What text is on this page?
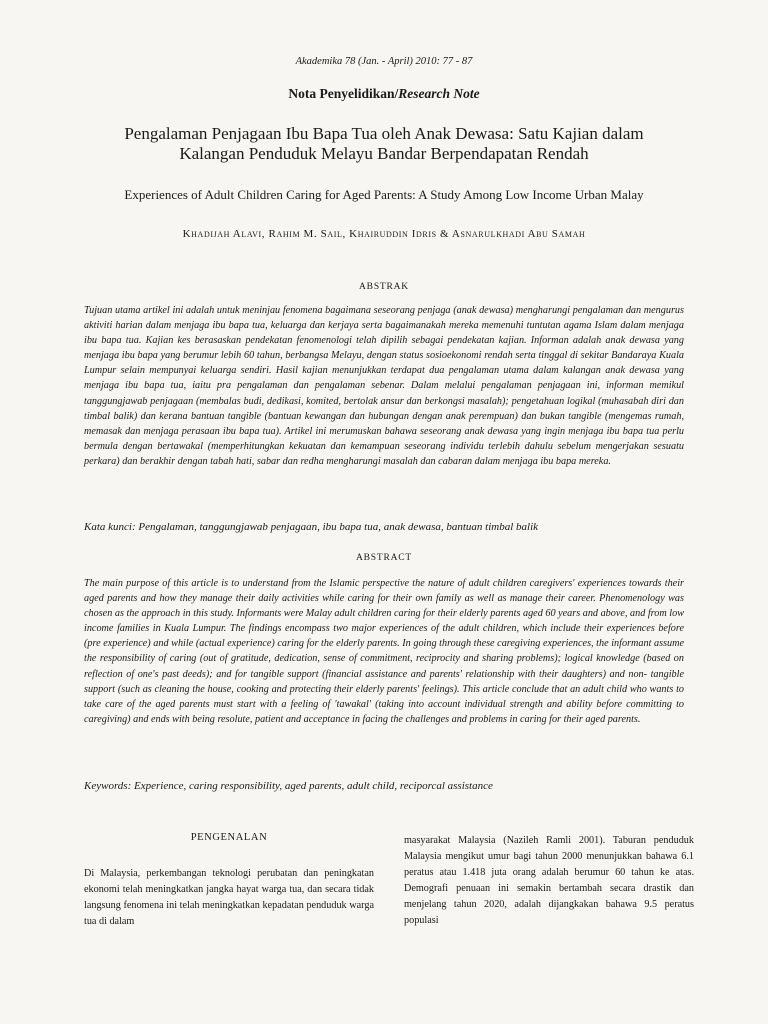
Akademika 78 (Jan. - April) 2010: 77 - 87
Nota Penyelidikan/Research Note
Pengalaman Penjagaan Ibu Bapa Tua oleh Anak Dewasa: Satu Kajian dalam
Kalangan Penduduk Melayu Bandar Berpendapatan Rendah
Experiences of Adult Children Caring for Aged Parents: A Study Among Low Income Urban Malay
Khadijah Alavi, Rahim M. Sail, Khairuddin Idris & Asnarulkhadi Abu Samah
ABSTRAK
Tujuan utama artikel ini adalah untuk meninjau fenomena bagaimana seseorang penjaga (anak dewasa) mengharungi pengalaman dan mengurus aktiviti harian dalam menjaga ibu bapa tua, keluarga dan kerjaya serta bagaimanakah mereka memenuhi tuntutan agama Islam dalam menjaga ibu bapa tua. Kajian kes berasaskan pendekatan fenomenologi telah dipilih sebagai pendekatan kajian. Informan adalah anak dewasa yang menjaga ibu bapa yang berumur lebih 60 tahun, berbangsa Melayu, dengan status sosioekonomi rendah serta tinggal di sekitar Bandaraya Kuala Lumpur selain mempunyai keluarga sendiri. Hasil kajian menunjukkan terdapat dua pengalaman utama dalam kalangan anak dewasa yang menjaga ibu bapa tua, iaitu pra pengalaman dan pengalaman sebenar. Dalam melalui pengalaman penjagaan ini, informan memikul tanggungjawab penjagaan (membalas budi, dedikasi, komited, bertolak ansur dan berkongsi masalah); pengetahuan logikal (muhasabah diri dan timbal balik) dan kerana bantuan tangible (bantuan kewangan dan hubungan dengan anak perempuan) dan bukan tangible (mengemas rumah, memasak dan menjaga perasaan ibu bapa tua). Artikel ini merumuskan bahawa seseorang anak dewasa yang ingin menjaga ibu bapa tua perlu bermula dengan bertawakal (memperhitungkan kekuatan dan kemampuan seseorang individu terlebih dahulu sebelum mengerjakan sesuatu perkara) dan berakhir dengan tabah hati, sabar dan redha mengharungi masalah dan cabaran dalam menjaga ibu bapa mereka.
Kata kunci: Pengalaman, tanggungjawab penjagaan, ibu bapa tua, anak dewasa, bantuan timbal balik
ABSTRACT
The main purpose of this article is to understand from the Islamic perspective the nature of adult children caregivers' experiences towards their aged parents and how they manage their daily activities while caring for their own family as well as manage their career. Phenomenology was chosen as the approach in this study. Informants were Malay adult children caring for their elderly parents aged 60 years and above, and from low income families in Kuala Lumpur. The findings encompass two major experiences of the adult children, which include their experiences before (pre experience) and while (actual experience) caring for the elderly parents. In going through these caregiving experiences, the informant assume the responsibility of caring (out of gratitude, dedication, sense of commitment, reciprocity and sharing problems); logical knowledge (based on reflection of one's past deeds); and for tangible support (financial assistance and parents' relationship with their daughters) and non- tangible support (such as cleaning the house, cooking and protecting their elderly parents' feelings). This article conclude that an adult child who wants to take care of the aged parents must start with a feeling of 'tawakal' (taking into account individual strength and ability before committing to caregiving) and ends with being resolute, patient and acceptance in facing the challenges and problems in caring for their aged parents.
Keywords: Experience, caring responsibility, aged parents, adult child, reciporcal assistance
PENGENALAN
Di Malaysia, perkembangan teknologi perubatan dan peningkatan ekonomi telah meningkatkan jangka hayat warga tua, dan secara tidak langsung fenomena ini telah meningkatkan kepadatan penduduk warga tua di dalam
masyarakat Malaysia (Nazileh Ramli 2001). Taburan penduduk Malaysia mengikut umur bagi tahun 2000 menunjukkan bahawa 6.1 peratus atau 1.418 juta orang adalah berumur 60 tahun ke atas. Demografi penuaan ini semakin bertambah secara drastik dan menjelang tahun 2020, adalah dijangkakan bahawa 9.5 peratus populasi
